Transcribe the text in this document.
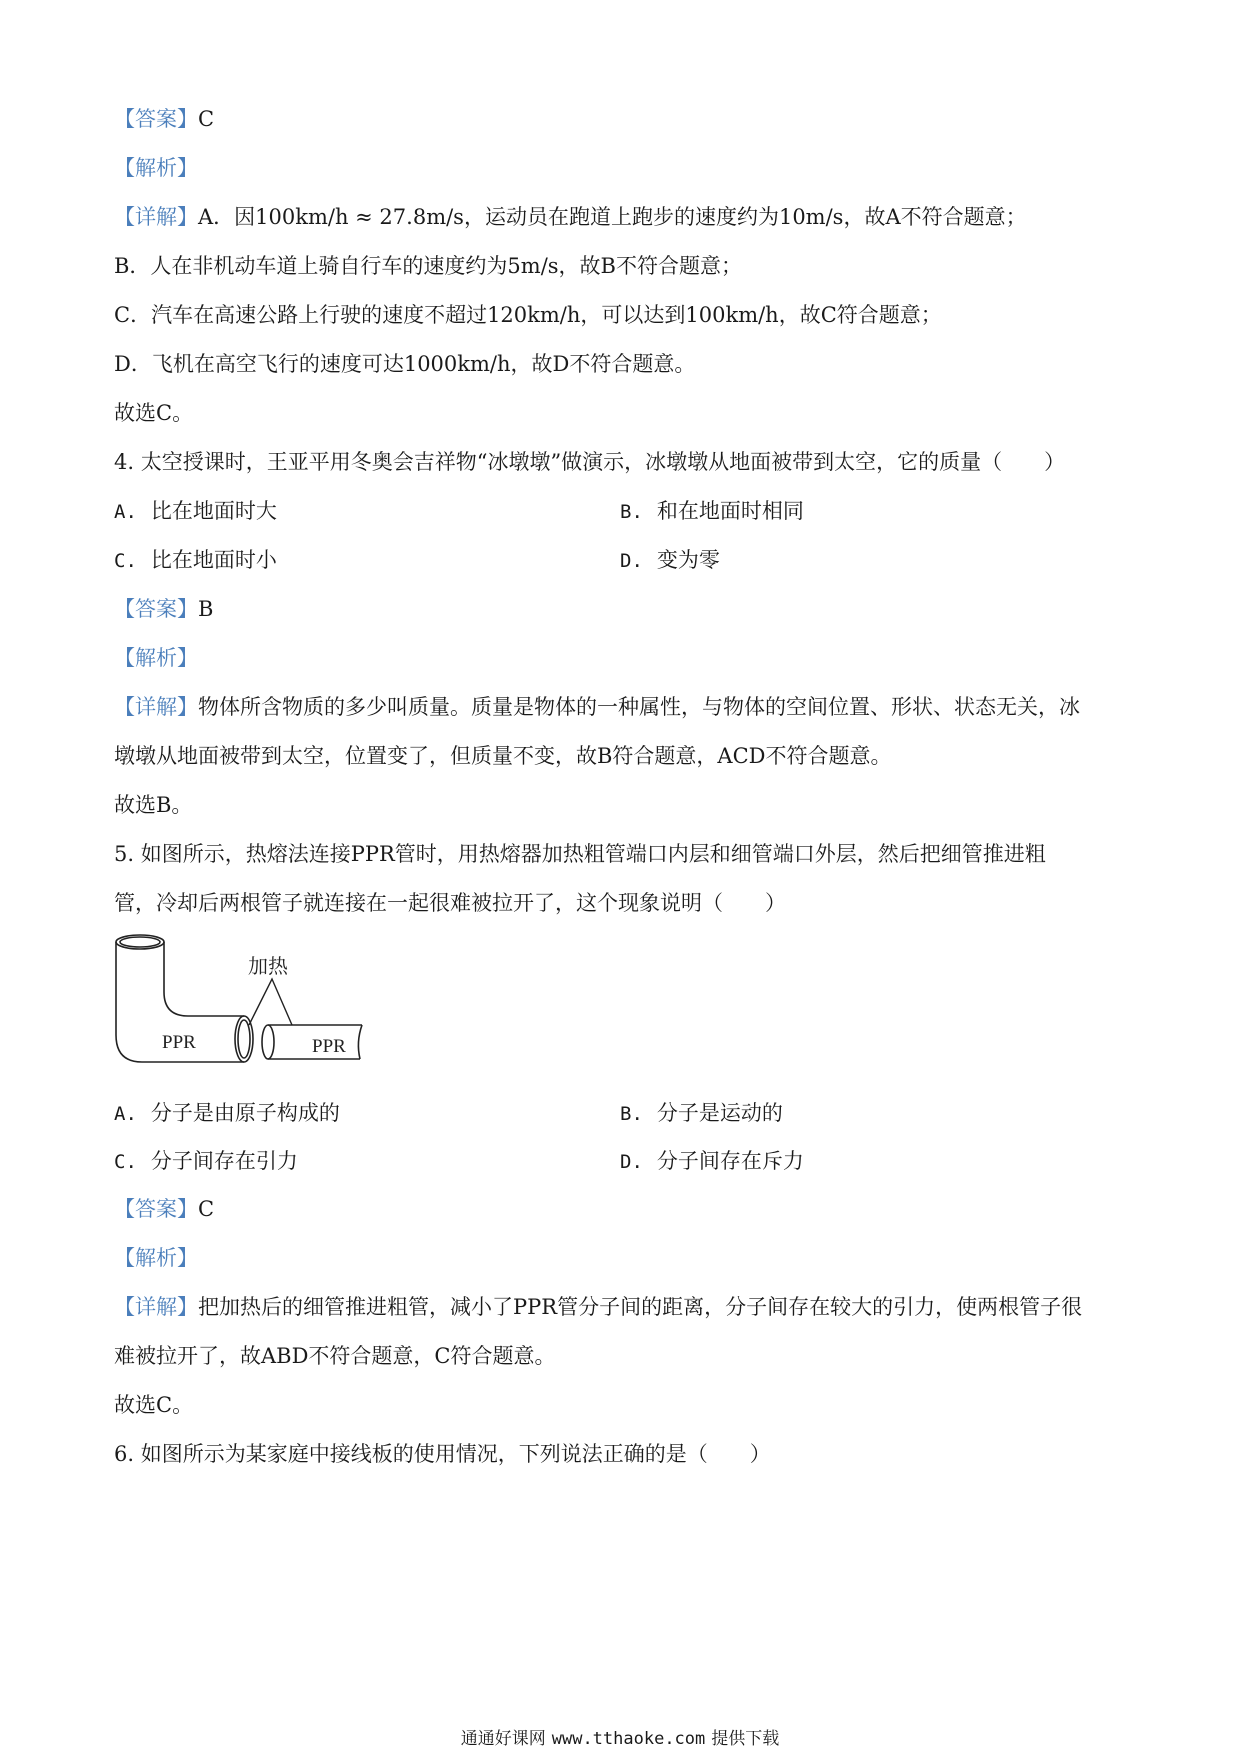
【答案】C
【解析】
【详解】A．因100km/h ≈ 27.8m/s，运动员在跑道上跑步的速度约为10m/s，故A不符合题意；
B．人在非机动车道上骑自行车的速度约为5m/s，故B不符合题意；
C．汽车在高速公路上行驶的速度不超过120km/h，可以达到100km/h，故C符合题意；
D．飞机在高空飞行的速度可达1000km/h，故D不符合题意。
故选C。
4. 太空授课时，王亚平用冬奥会吉祥物“冰墩墩”做演示，冰墩墩从地面被带到太空，它的质量（　　）
A. 比在地面时大	B. 和在地面时相同
C. 比在地面时小	D. 变为零
【答案】B
【解析】
【详解】物体所含物质的多少叫质量。质量是物体的一种属性，与物体的空间位置、形状、状态无关，冰
墩墩从地面被带到太空，位置变了，但质量不变，故B符合题意，ACD不符合题意。
故选B。
5. 如图所示，热熔法连接PPR管时，用热熔器加热粗管端口内层和细管端口外层，然后把细管推进粗
管，冷却后两根管子就连接在一起很难被拉开了，这个现象说明（　　）
加热
PPR	PPR
A. 分子是由原子构成的	B. 分子是运动的
C. 分子间存在引力	D. 分子间存在斥力
【答案】C
【解析】
【详解】把加热后的细管推进粗管，减小了PPR管分子间的距离，分子间存在较大的引力，使两根管子很
难被拉开了，故ABD不符合题意，C符合题意。
故选C。
6. 如图所示为某家庭中接线板的使用情况，下列说法正确的是（　　）
通通好课网 www.tthaoke.com 提供下载
